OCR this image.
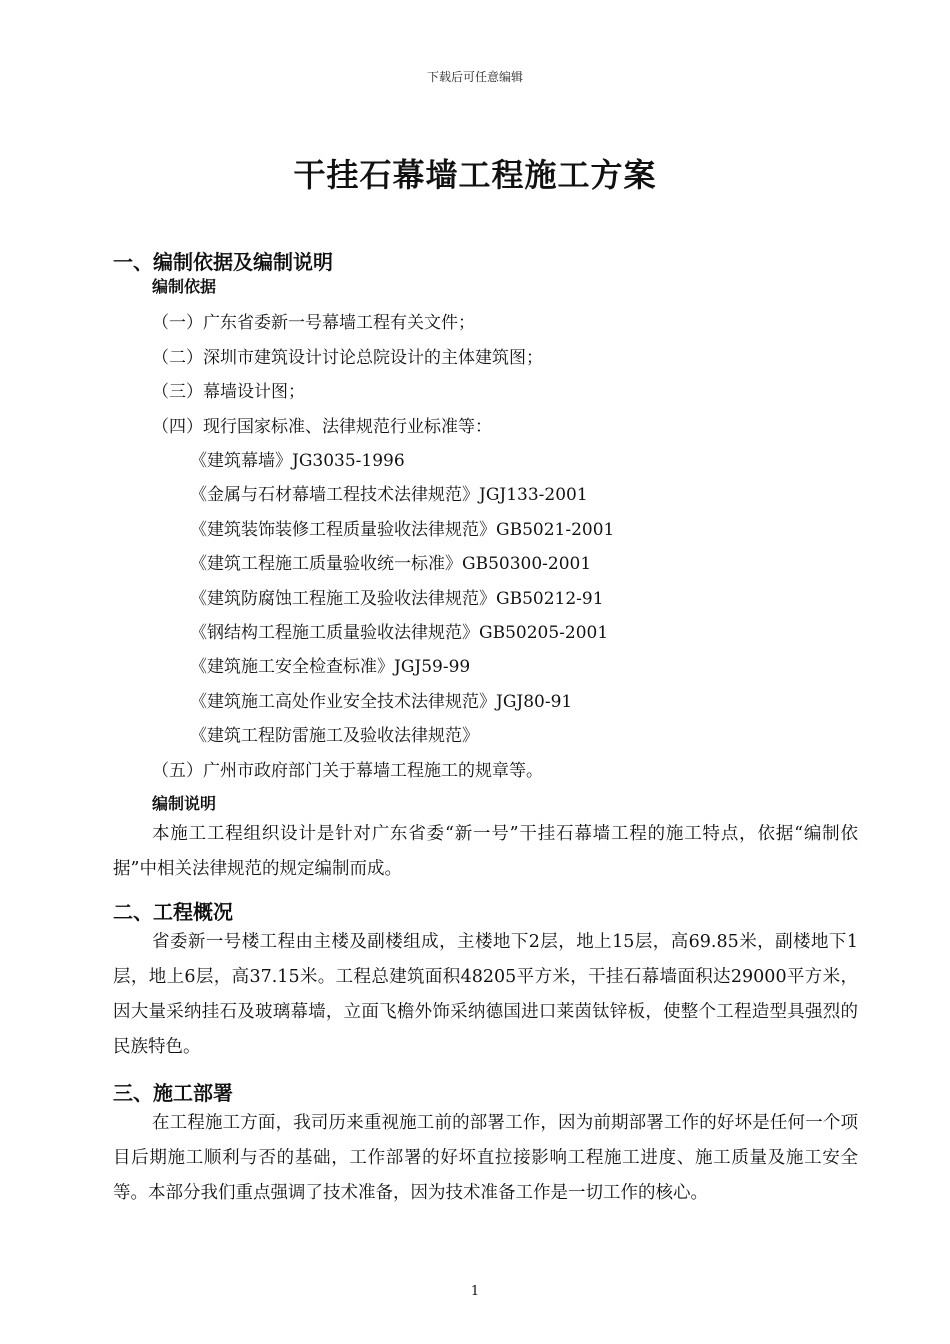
下载后可任意编辑
干挂石幕墙工程施工方案
一、编制依据及编制说明
编制依据
（一）广东省委新一号幕墙工程有关文件；
（二）深圳市建筑设计讨论总院设计的主体建筑图；
（三）幕墙设计图；
（四）现行国家标准、法律规范行业标准等：
《建筑幕墙》JG3035-1996
《金属与石材幕墙工程技术法律规范》JGJ133-2001
《建筑装饰装修工程质量验收法律规范》GB5021-2001
《建筑工程施工质量验收统一标准》GB50300-2001
《建筑防腐蚀工程施工及验收法律规范》GB50212-91
《钢结构工程施工质量验收法律规范》GB50205-2001
《建筑施工安全检查标准》JGJ59-99
《建筑施工高处作业安全技术法律规范》JGJ80-91
《建筑工程防雷施工及验收法律规范》
（五）广州市政府部门关于幕墙工程施工的规章等。
编制说明
本施工工程组织设计是针对广东省委“新一号”干挂石幕墙工程的施工特点，依据“编制依据”中相关法律规范的规定编制而成。
二、工程概况
省委新一号楼工程由主楼及副楼组成，主楼地下2层，地上15层，高69.85米，副楼地下1层，地上6层，高37.15米。工程总建筑面积48205平方米，干挂石幕墙面积达29000平方米，因大量采纳挂石及玻璃幕墙，立面飞檐外饰采纳德国进口莱茵钛锌板，使整个工程造型具强烈的民族特色。
三、施工部署
在工程施工方面，我司历来重视施工前的部署工作，因为前期部署工作的好坏是任何一个项目后期施工顺利与否的基础，工作部署的好坏直拉接影响工程施工进度、施工质量及施工安全等。本部分我们重点强调了技术准备，因为技术准备工作是一切工作的核心。
1
